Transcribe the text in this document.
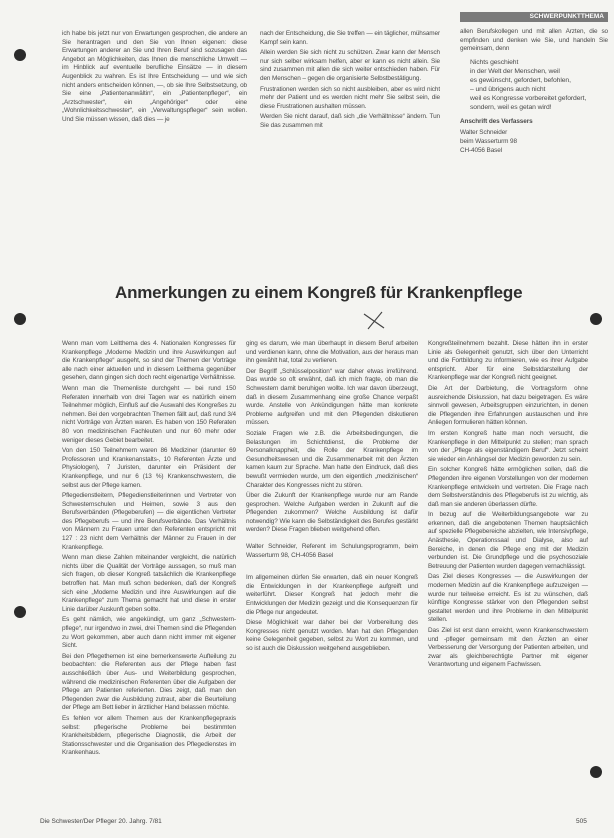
SCHWERPUNKTTHEMA

ich habe bis jetzt nur von Erwartungen gesprochen, die andere an Sie herantragen und den Sie von Ihnen eigenen: diese Erwartungen anderer an Sie und Ihren Beruf sind sozusagen das Angebot an Möglichkeiten, das Ihnen die menschliche Umwelt — im Hinblick auf eventuelle berufliche Einsätze — in diesem Augenblick zu wahren. Es ist Ihre Entscheidung — und wie sich nicht anders entscheiden können, —, ob sie Ihre Selbstsetzung, ob Sie eine „Patientenanwältin“, ein „Patientenpfleger“, ein „Arztschwester“, ein „Angehöriger“ oder eine „Wohnlichkeitsschwester“, ein „Verwaltungspfleger“ sein wollen. Und Sie müssen wissen, daß dies — je

nach der Entscheidung, die Sie treffen — ein täglicher, mühsamer Kampf sein kann.

Allein werden Sie sich nicht zu schützen. Zwar kann der Mensch nur sich selber wirksam helfen, aber er kann es nicht allein. Sie sind zusammen mit allen die sich weiter entschieden haben. Für den Menschen – gegen die organisierte Selbstbestätigung.

Frustrationen werden sich so nicht ausbleiben, aber es wird nicht mehr der Patient und es werden nicht mehr Sie selbst sein, die diese Frustrationen aushalten müssen.

Werden Sie nicht darauf, daß sich „die Verhältnisse“ ändern. Tun Sie das zusammen mit

allen Berufskollegen und mit allen Ärzten, die so empfinden und denken wie Sie, und handeln Sie gemeinsam, denn

Nichts geschieht
in der Welt der Menschen, weil
es gewünscht, gefordert, befohlen,
– und übrigens auch nicht
weil es Kongresse vorbereitet gefordert,
sondern, weil es getan wird!
Anschrift des Verfassers
Walter Schneider
beim Wasserturm 98
CH-4056 Basel
Anmerkungen zu einem Kongreß für Krankenpflege

Wenn man vom Leitthema des 4. Nationalen Kongresses für Krankenpflege „Moderne Medizin und ihre Auswirkungen auf die Krankenpflege“ ausgeht, so sind der Themen der Vorträge alle nach einer aktuellen und in diesem Leitthema gegenüber gesehen, dann gingen sich doch recht eigenartige Verhältnisse.

Wenn man die Themenliste durchgeht — bei rund 150 Referaten innerhalb von drei Tagen war es natürlich einem Teilnehmer möglich, Einfluß auf die Auswahl des Kongreßes zu nehmen. Bei den vorgebrachten Themen fällt auf, daß rund 3/4 nicht Vorträge von Ärzten waren. Es haben von 150 Referaten 80 von medizinischen Fachleuten und nur 60 mehr oder weniger dieses Gebiet bearbeitet.

Von den 150 Teilnehmern waren 86 Mediziner (darunter 69 Professoren und Krankenanstalts-, 10 Referenten Ärzte und Physiologen), 7 Juristen, darunter ein Präsident der Krankenpflege, und nur 6 (13 %) Krankenschwestern, die selbst aus der Pflege kamen.

Pflegedienstleitern, Pflegedienstleiterinnen und Vertreter von Schwesternschulen und Heimen, sowie 3 aus den Berufsverbänden (Pflegeberufen) — die eigentlichen Vertreter des Pflegeberufs — und ihre Berufsverbände. Das Verhältnis von Männern zu Frauen unter den Referenten entspricht mit 127 : 23 nicht dem Verhältnis der Männer zu Frauen in der Krankenpflege.

Wenn man diese Zahlen miteinander vergleicht, die natürlich nichts über die Qualität der Vorträge aussagen, so muß man sich fragen, ob dieser Kongreß tatsächlich die Krankenpflege betroffen hat. Man muß schon bedenken, daß der Kongreß sich eine „Moderne Medizin und ihre Auswirkungen auf die Krankenpflege“ zum Thema gemacht hat und diese in erster Linie darüber Auskunft geben sollte.

Es geht nämlich, wie angekündigt, um ganz „Schwestern- pflege“, nur irgendwo in zwei, drei Themen sind die Pflegenden zu Wort gekommen, aber auch dann nicht immer mit eigener Sicht.

Bei den Pflegethemen ist eine bemerkenswerte Aufteilung zu beobachten: die Referenten aus der Pflege haben fast ausschließlich über Aus- und Weiterbildung gesprochen, während die medizinischen Referenten über die Aufgaben der Pflege am Patienten referierten. Dies zeigt, daß man den Pflegenden zwar die Ausbildung zutraut, aber die Beurteilung der Pflege am Bett lieber in ärztlicher Hand belassen möchte.

Es fehlen vor allem Themen aus der Krankenpflegepraxis selbst: pflegerische Probleme bei bestimmten Krankheitsbildern, pflegerische Diagnostik, die Arbeit der Stationsschwester und die Organisation des Pflegedienstes im Krankenhaus.

ging es darum, wie man überhaupt in diesem Beruf arbeiten und verdienen kann, ohne die Motivation, aus der heraus man ihn gewählt hat, total zu verlieren.

Der Begriff „Schlüsselposition“ war daher etwas irreführend. Das wurde so oft erwähnt, daß ich mich fragte, ob man die Schwestern damit beruhigen wollte. Ich war davon überzeugt, daß in diesem Zusammenhang eine große Chance verpaßt wurde. Anstelle von Ankündigungen hätte man konkrete Probleme aufgreifen und mit den Pflegenden diskutieren müssen.

Soziale Fragen wie z.B. die Arbeitsbedingungen, die Belastungen im Schichtdienst, die Probleme der Personalknappheit, die Rolle der Krankenpflege im Gesundheitswesen und die Zusammenarbeit mit den Ärzten kamen kaum zur Sprache. Man hatte den Eindruck, daß dies bewußt vermieden wurde, um den eigentlich „medizinischen“ Charakter des Kongresses nicht zu stören.

Über die Zukunft der Krankenpflege wurde nur am Rande gesprochen. Welche Aufgaben werden in Zukunft auf die Pflegenden zukommen? Welche Ausbildung ist dafür notwendig? Wie kann die Selbständigkeit des Berufes gestärkt werden? Diese Fragen blieben weitgehend offen.

Walter Schneider, Referent im Schulungsprogramm, beim Wasserturm 98, CH-4056 Basel

Im allgemeinen dürfen Sie erwarten, daß ein neuer Kongreß die Entwicklungen in der Krankenpflege aufgreift und weiterführt. Dieser Kongreß hat jedoch mehr die Entwicklungen der Medizin gezeigt und die Konsequenzen für die Pflege nur angedeutet.

Diese Möglichkeit war daher bei der Vorbereitung des Kongresses nicht genutzt worden. Man hat den Pflegenden keine Gelegenheit gegeben, selbst zu Wort zu kommen, und so ist auch die Diskussion weitgehend ausgeblieben.

Kongreßteilnehmern bezahlt. Diese hätten ihn in erster Linie als Gelegenheit genutzt, sich über den Unterricht und die Fortbildung zu informieren, wie es ihrer Aufgabe entspricht. Aber für eine Selbstdarstellung der Krankenpflege war der Kongreß nicht geeignet.

Die Art der Darbietung, die Vortragsform ohne ausreichende Diskussion, hat dazu beigetragen. Es wäre sinnvoll gewesen, Arbeitsgruppen einzurichten, in denen die Pflegenden ihre Erfahrungen austauschen und ihre Anliegen formulieren hätten können.

Im ersten Kongreß hatte man noch versucht, die Krankenpflege in den Mittelpunkt zu stellen; man sprach von der „Pflege als eigenständigem Beruf“. Jetzt scheint sie wieder ein Anhängsel der Medizin geworden zu sein.

Ein solcher Kongreß hätte ermöglichen sollen, daß die Pflegenden ihre eigenen Vorstellungen von der modernen Krankenpflege entwickeln und vertreten. Die Frage nach dem Selbstverständnis des Pflegeberufs ist zu wichtig, als daß man sie anderen überlassen dürfte.

In bezug auf die Weiterbildungsangebote war zu erkennen, daß die angebotenen Themen hauptsächlich auf spezielle Pflegebereiche abzielten, wie Intensivpflege, Anästhesie, Operationssaal und Dialyse, also auf Bereiche, in denen die Pflege eng mit der Medizin verbunden ist. Die Grundpflege und die psychosoziale Betreuung der Patienten wurden dagegen vernachlässigt.

Das Ziel dieses Kongresses — die Auswirkungen der modernen Medizin auf die Krankenpflege aufzuzeigen — wurde nur teilweise erreicht. Es ist zu wünschen, daß künftige Kongresse stärker von den Pflegenden selbst gestaltet werden und ihre Probleme in den Mittelpunkt stellen.

Das Ziel ist erst dann erreicht, wenn Krankenschwestern und -pfleger gemeinsam mit den Ärzten an einer Verbesserung der Versorgung der Patienten arbeiten, und zwar als gleichberechtigte Partner mit eigener Verantwortung und eigenem Fachwissen.

Die Schwester/Der Pfleger 20. Jahrg. 7/81	505
